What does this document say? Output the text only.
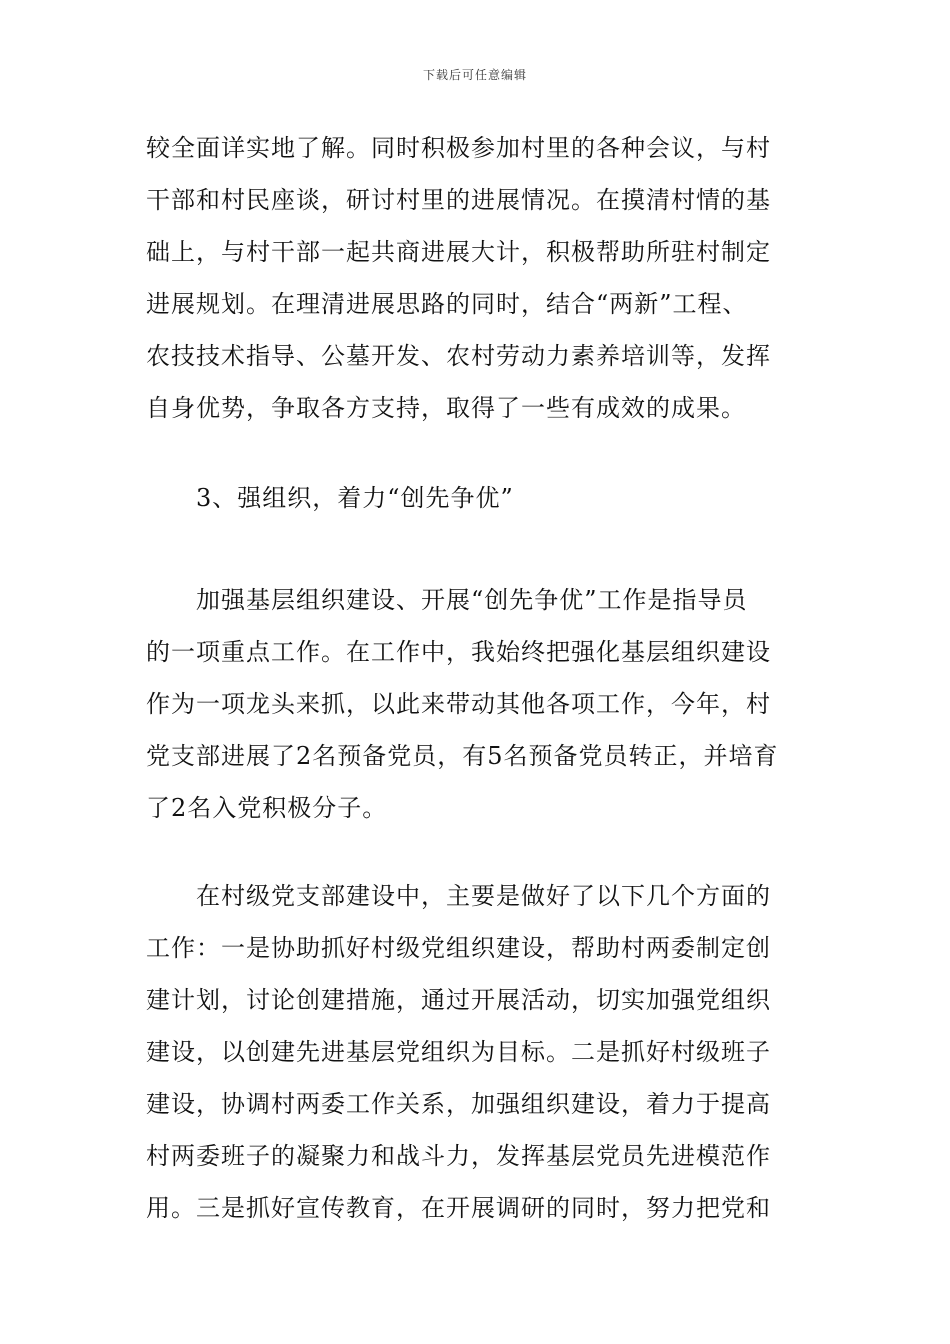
下载后可任意编辑
较全面详实地了解。同时积极参加村里的各种会议，与村
干部和村民座谈，研讨村里的进展情况。在摸清村情的基
础上，与村干部一起共商进展大计，积极帮助所驻村制定
进展规划。在理清进展思路的同时，结合“两新”工程、
农技技术指导、公墓开发、农村劳动力素养培训等，发挥
自身优势，争取各方支持，取得了一些有成效的成果。
3、强组织，着力“创先争优”
加强基层组织建设、开展“创先争优”工作是指导员
的一项重点工作。在工作中，我始终把强化基层组织建设
作为一项龙头来抓，以此来带动其他各项工作，今年，村
党支部进展了2名预备党员，有5名预备党员转正，并培育
了2名入党积极分子。
在村级党支部建设中，主要是做好了以下几个方面的
工作：一是协助抓好村级党组织建设，帮助村两委制定创
建计划，讨论创建措施，通过开展活动，切实加强党组织
建设，以创建先进基层党组织为目标。二是抓好村级班子
建设，协调村两委工作关系，加强组织建设，着力于提高
村两委班子的凝聚力和战斗力，发挥基层党员先进模范作
用。三是抓好宣传教育，在开展调研的同时，努力把党和
